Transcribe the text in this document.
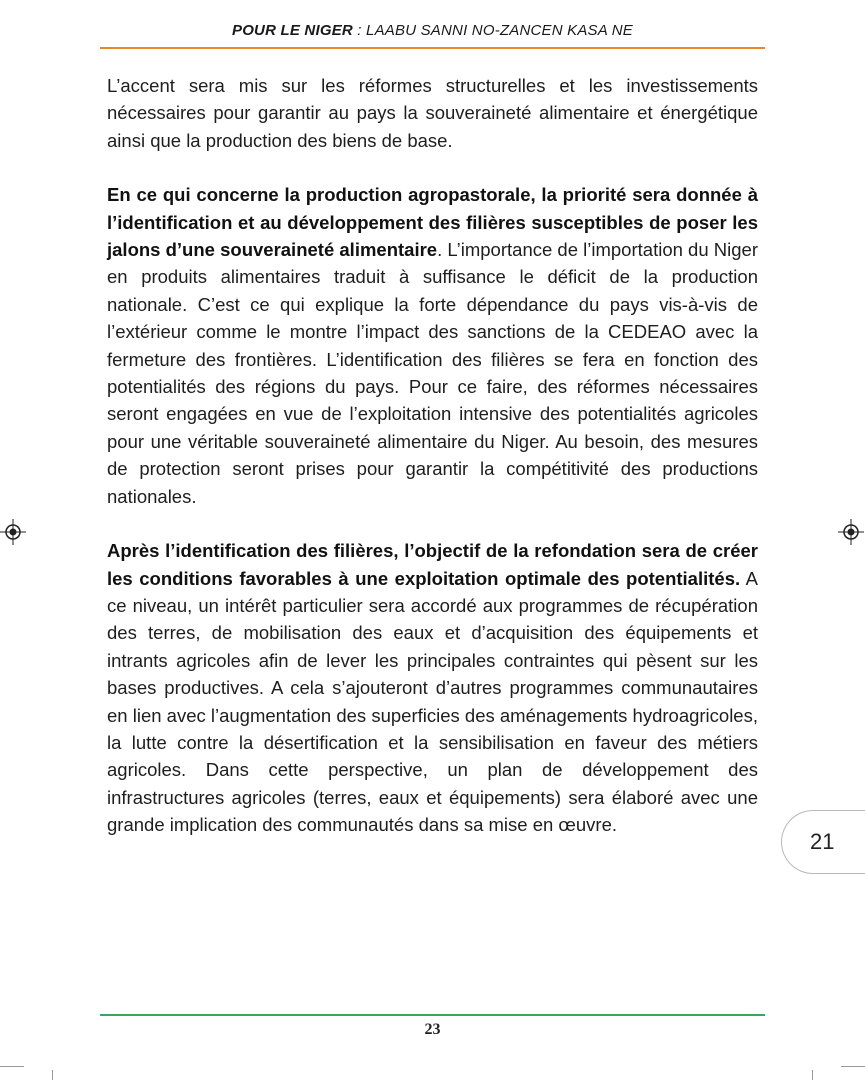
POUR LE NIGER : LAABU SANNI NO-ZANCEN KASA NE

L’accent sera mis sur les réformes structurelles et les investissements nécessaires pour garantir au pays la souveraineté alimentaire et énergétique ainsi que la production des biens de base.

En ce qui concerne la production agropastorale, la priorité sera donnée à l’identification et au développement des filières susceptibles de poser les jalons d’une souveraineté alimentaire. L’importance de l’importation du Niger en produits alimentaires traduit à suffisance le déficit de la production nationale. C’est ce qui explique la forte dépendance du pays vis-à-vis de l’extérieur comme le montre l’impact des sanctions de la CEDEAO avec la fermeture des frontières. L’identification des filières se fera en fonction des potentialités des régions du pays. Pour ce faire, des réformes nécessaires seront engagées en vue de l’exploitation intensive des potentialités agricoles pour une véritable souveraineté alimentaire du Niger. Au besoin, des mesures de protection seront prises pour garantir la compétitivité des productions nationales.

Après l’identification des filières, l’objectif de la refondation sera de créer les conditions favorables à une exploitation optimale des potentialités. A ce niveau, un intérêt particulier sera accordé aux programmes de récupération des terres, de mobilisation des eaux et d’acquisition des équipements et intrants agricoles afin de lever les principales contraintes qui pèsent sur les bases productives. A cela s’ajouteront d’autres programmes communautaires en lien avec l’augmentation des superficies des aménagements hydroagricoles, la lutte contre la désertification et la sensibilisation en faveur des métiers agricoles. Dans cette perspective, un plan de développement des infrastructures agricoles (terres, eaux et équipements) sera élaboré avec une grande implication des communautés dans sa mise en œuvre.

21
23
